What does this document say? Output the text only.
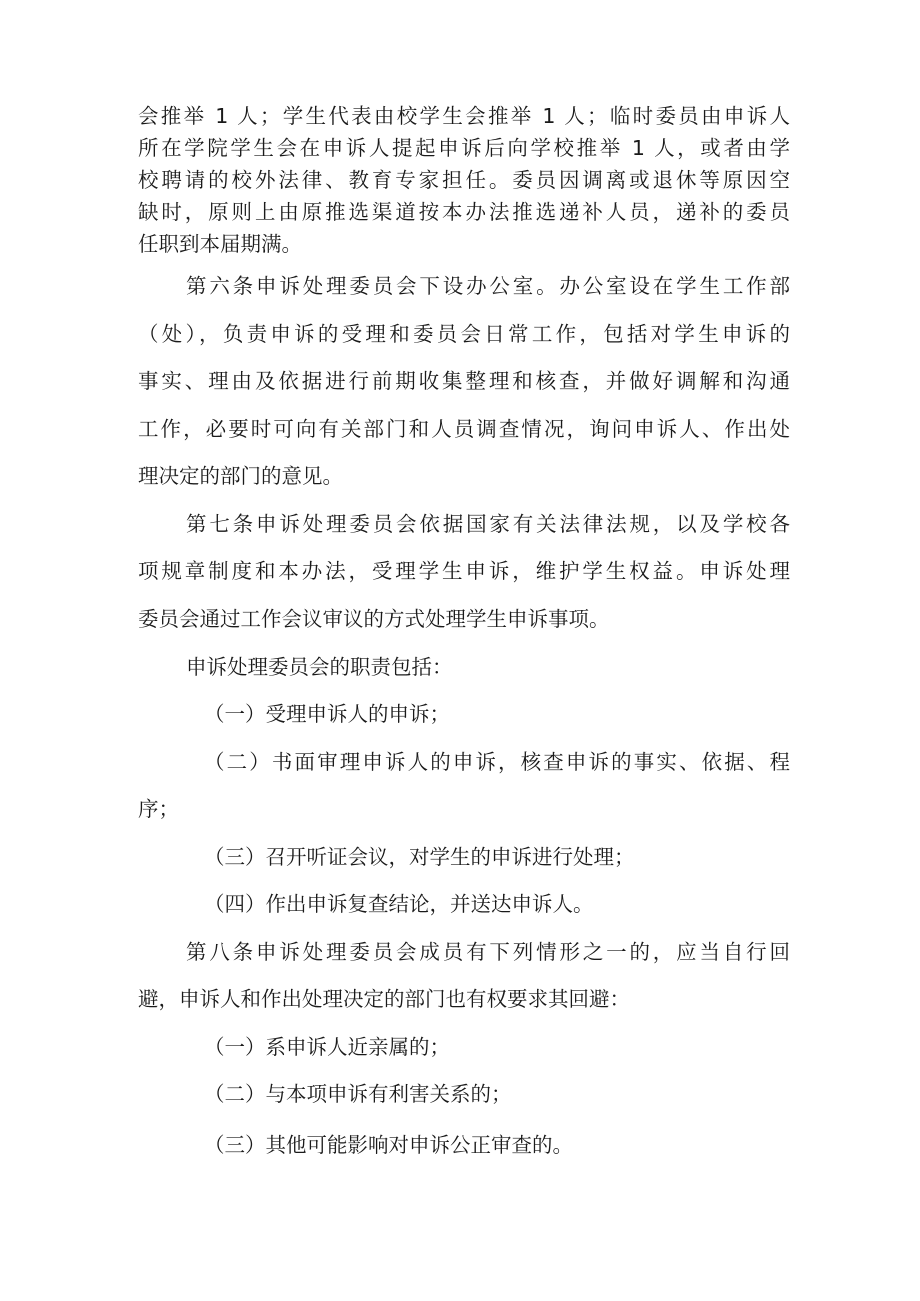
会推举 1 人；学生代表由校学生会推举 1 人；临时委员由申诉人
所在学院学生会在申诉人提起申诉后向学校推举 1 人，或者由学
校聘请的校外法律、教育专家担任。委员因调离或退休等原因空
缺时，原则上由原推选渠道按本办法推选递补人员，递补的委员
任职到本届期满。
第六条申诉处理委员会下设办公室。办公室设在学生工作部
（处），负责申诉的受理和委员会日常工作，包括对学生申诉的
事实、理由及依据进行前期收集整理和核查，并做好调解和沟通
工作，必要时可向有关部门和人员调查情况，询问申诉人、作出处
理决定的部门的意见。
第七条申诉处理委员会依据国家有关法律法规，以及学校各
项规章制度和本办法，受理学生申诉，维护学生权益。申诉处理
委员会通过工作会议审议的方式处理学生申诉事项。
申诉处理委员会的职责包括：
（一）受理申诉人的申诉；
（二）书面审理申诉人的申诉，核查申诉的事实、依据、程
序；
（三）召开听证会议，对学生的申诉进行处理；
（四）作出申诉复查结论，并送达申诉人。
第八条申诉处理委员会成员有下列情形之一的，应当自行回
避，申诉人和作出处理决定的部门也有权要求其回避：
（一）系申诉人近亲属的；
（二）与本项申诉有利害关系的；
（三）其他可能影响对申诉公正审查的。
